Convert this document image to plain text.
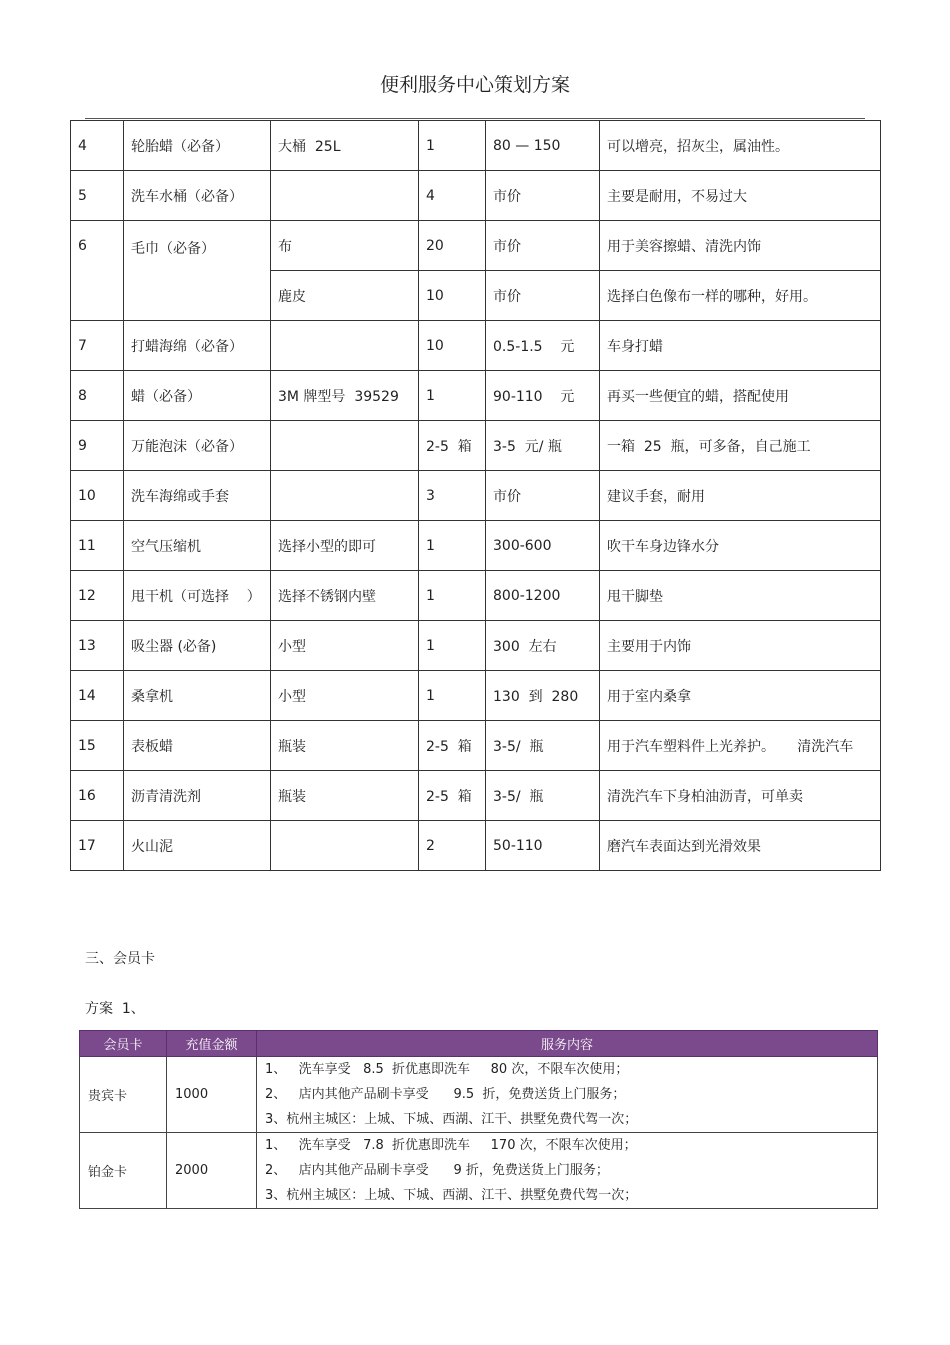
便利服务中心策划方案
4	轮胎蜡（必备）	大桶  25L	1	80 — 150	可以增亮，招灰尘，属油性。
5	洗车水桶（必备）		4	市价	主要是耐用，不易过大
6	毛巾（必备）	布	20	市价	用于美容擦蜡、清洗内饰
		鹿皮	10	市价	选择白色像布一样的哪种，好用。
7	打蜡海绵（必备）		10	0.5-1.5    元	车身打蜡
8	蜡（必备）	3M 牌型号  39529	1	90-110    元	再买一些便宜的蜡，搭配使用
9	万能泡沫（必备）		2-5  箱	3-5  元/ 瓶	一箱  25  瓶，可多备，自己施工
10	洗车海绵或手套		3	市价	建议手套，耐用
11	空气压缩机	选择小型的即可	1	300-600	吹干车身边锋水分
12	甩干机（可选择    ）	选择不锈钢内壁	1	800-1200	甩干脚垫
13	吸尘器 (必备)	小型	1	300  左右	主要用于内饰
14	桑拿机	小型	1	130  到  280	用于室内桑拿
15	表板蜡	瓶装	2-5  箱	3-5/  瓶	用于汽车塑料件上光养护。     清洗汽车
16	沥青清洗剂	瓶装	2-5  箱	3-5/  瓶	清洗汽车下身柏油沥青，可单卖
17	火山泥		2	50-110	磨汽车表面达到光滑效果
三、会员卡
方案  1、
会员卡	充值金额	服务内容
贵宾卡	1000	1、   洗车享受   8.5  折优惠即洗车     80 次，不限车次使用；
2、   店内其他产品刷卡享受      9.5  折，免费送货上门服务；
3、杭州主城区：上城、下城、西湖、江干、拱墅免费代驾一次；

铂金卡	2000	1、   洗车享受   7.8  折优惠即洗车     170 次，不限车次使用；
2、   店内其他产品刷卡享受      9 折，免费送货上门服务；
3、杭州主城区：上城、下城、西湖、江干、拱墅免费代驾一次；
